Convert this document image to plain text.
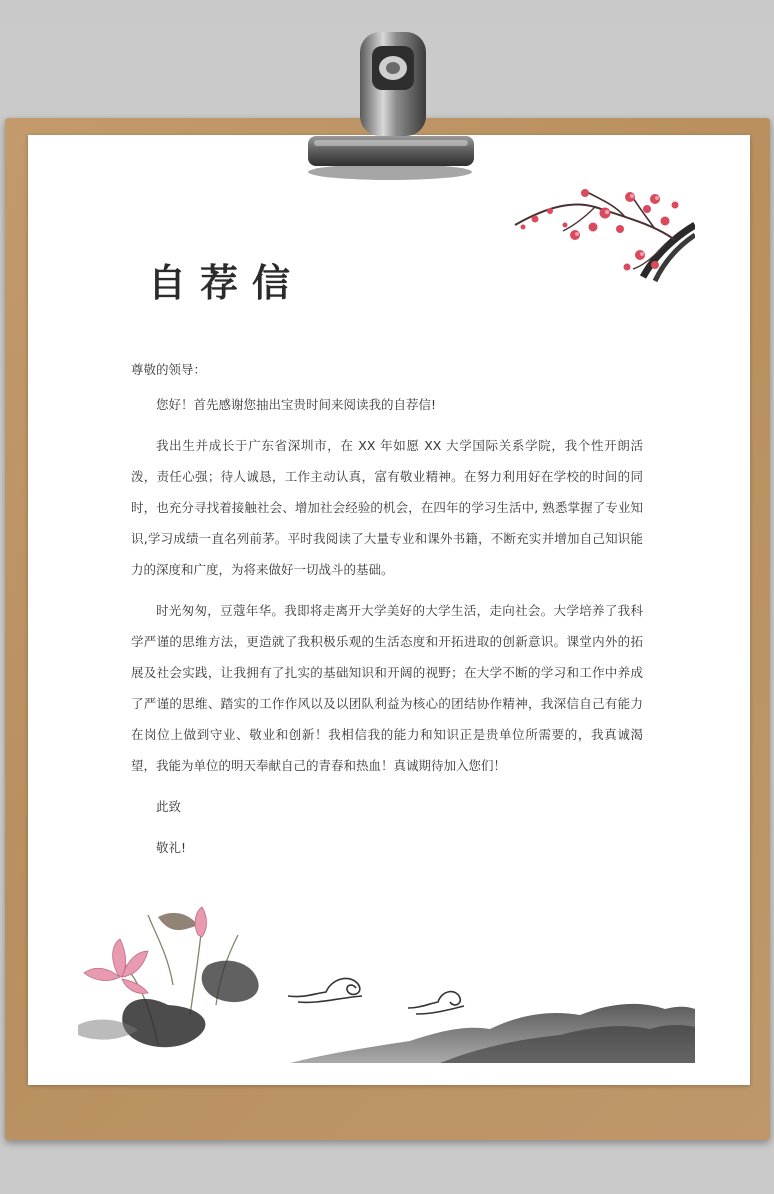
自荐信

尊敬的领导：

您好！首先感谢您抽出宝贵时间来阅读我的自荐信!

我出生并成长于广东省深圳市，在 XX 年如愿 XX 大学国际关系学院，我个性开朗活泼，责任心强；待人诚恳，工作主动认真，富有敬业精神。在努力利用好在学校的时间的同时，也充分寻找着接触社会、增加社会经验的机会，在四年的学习生活中, 熟悉掌握了专业知识,学习成绩一直名列前茅。平时我阅读了大量专业和课外书籍，不断充实并增加自己知识能力的深度和广度，为将来做好一切战斗的基础。

时光匆匆，豆蔻年华。我即将走离开大学美好的大学生活，走向社会。大学培养了我科学严谨的思维方法，更造就了我积极乐观的生活态度和开拓进取的创新意识。课堂内外的拓展及社会实践，让我拥有了扎实的基础知识和开阔的视野；在大学不断的学习和工作中养成了严谨的思维、踏实的工作作风以及以团队利益为核心的团结协作精神，我深信自己有能力在岗位上做到守业、敬业和创新！我相信我的能力和知识正是贵单位所需要的，我真诚渴望，我能为单位的明天奉献自己的青春和热血！真诚期待加入您们！

此致

敬礼!
